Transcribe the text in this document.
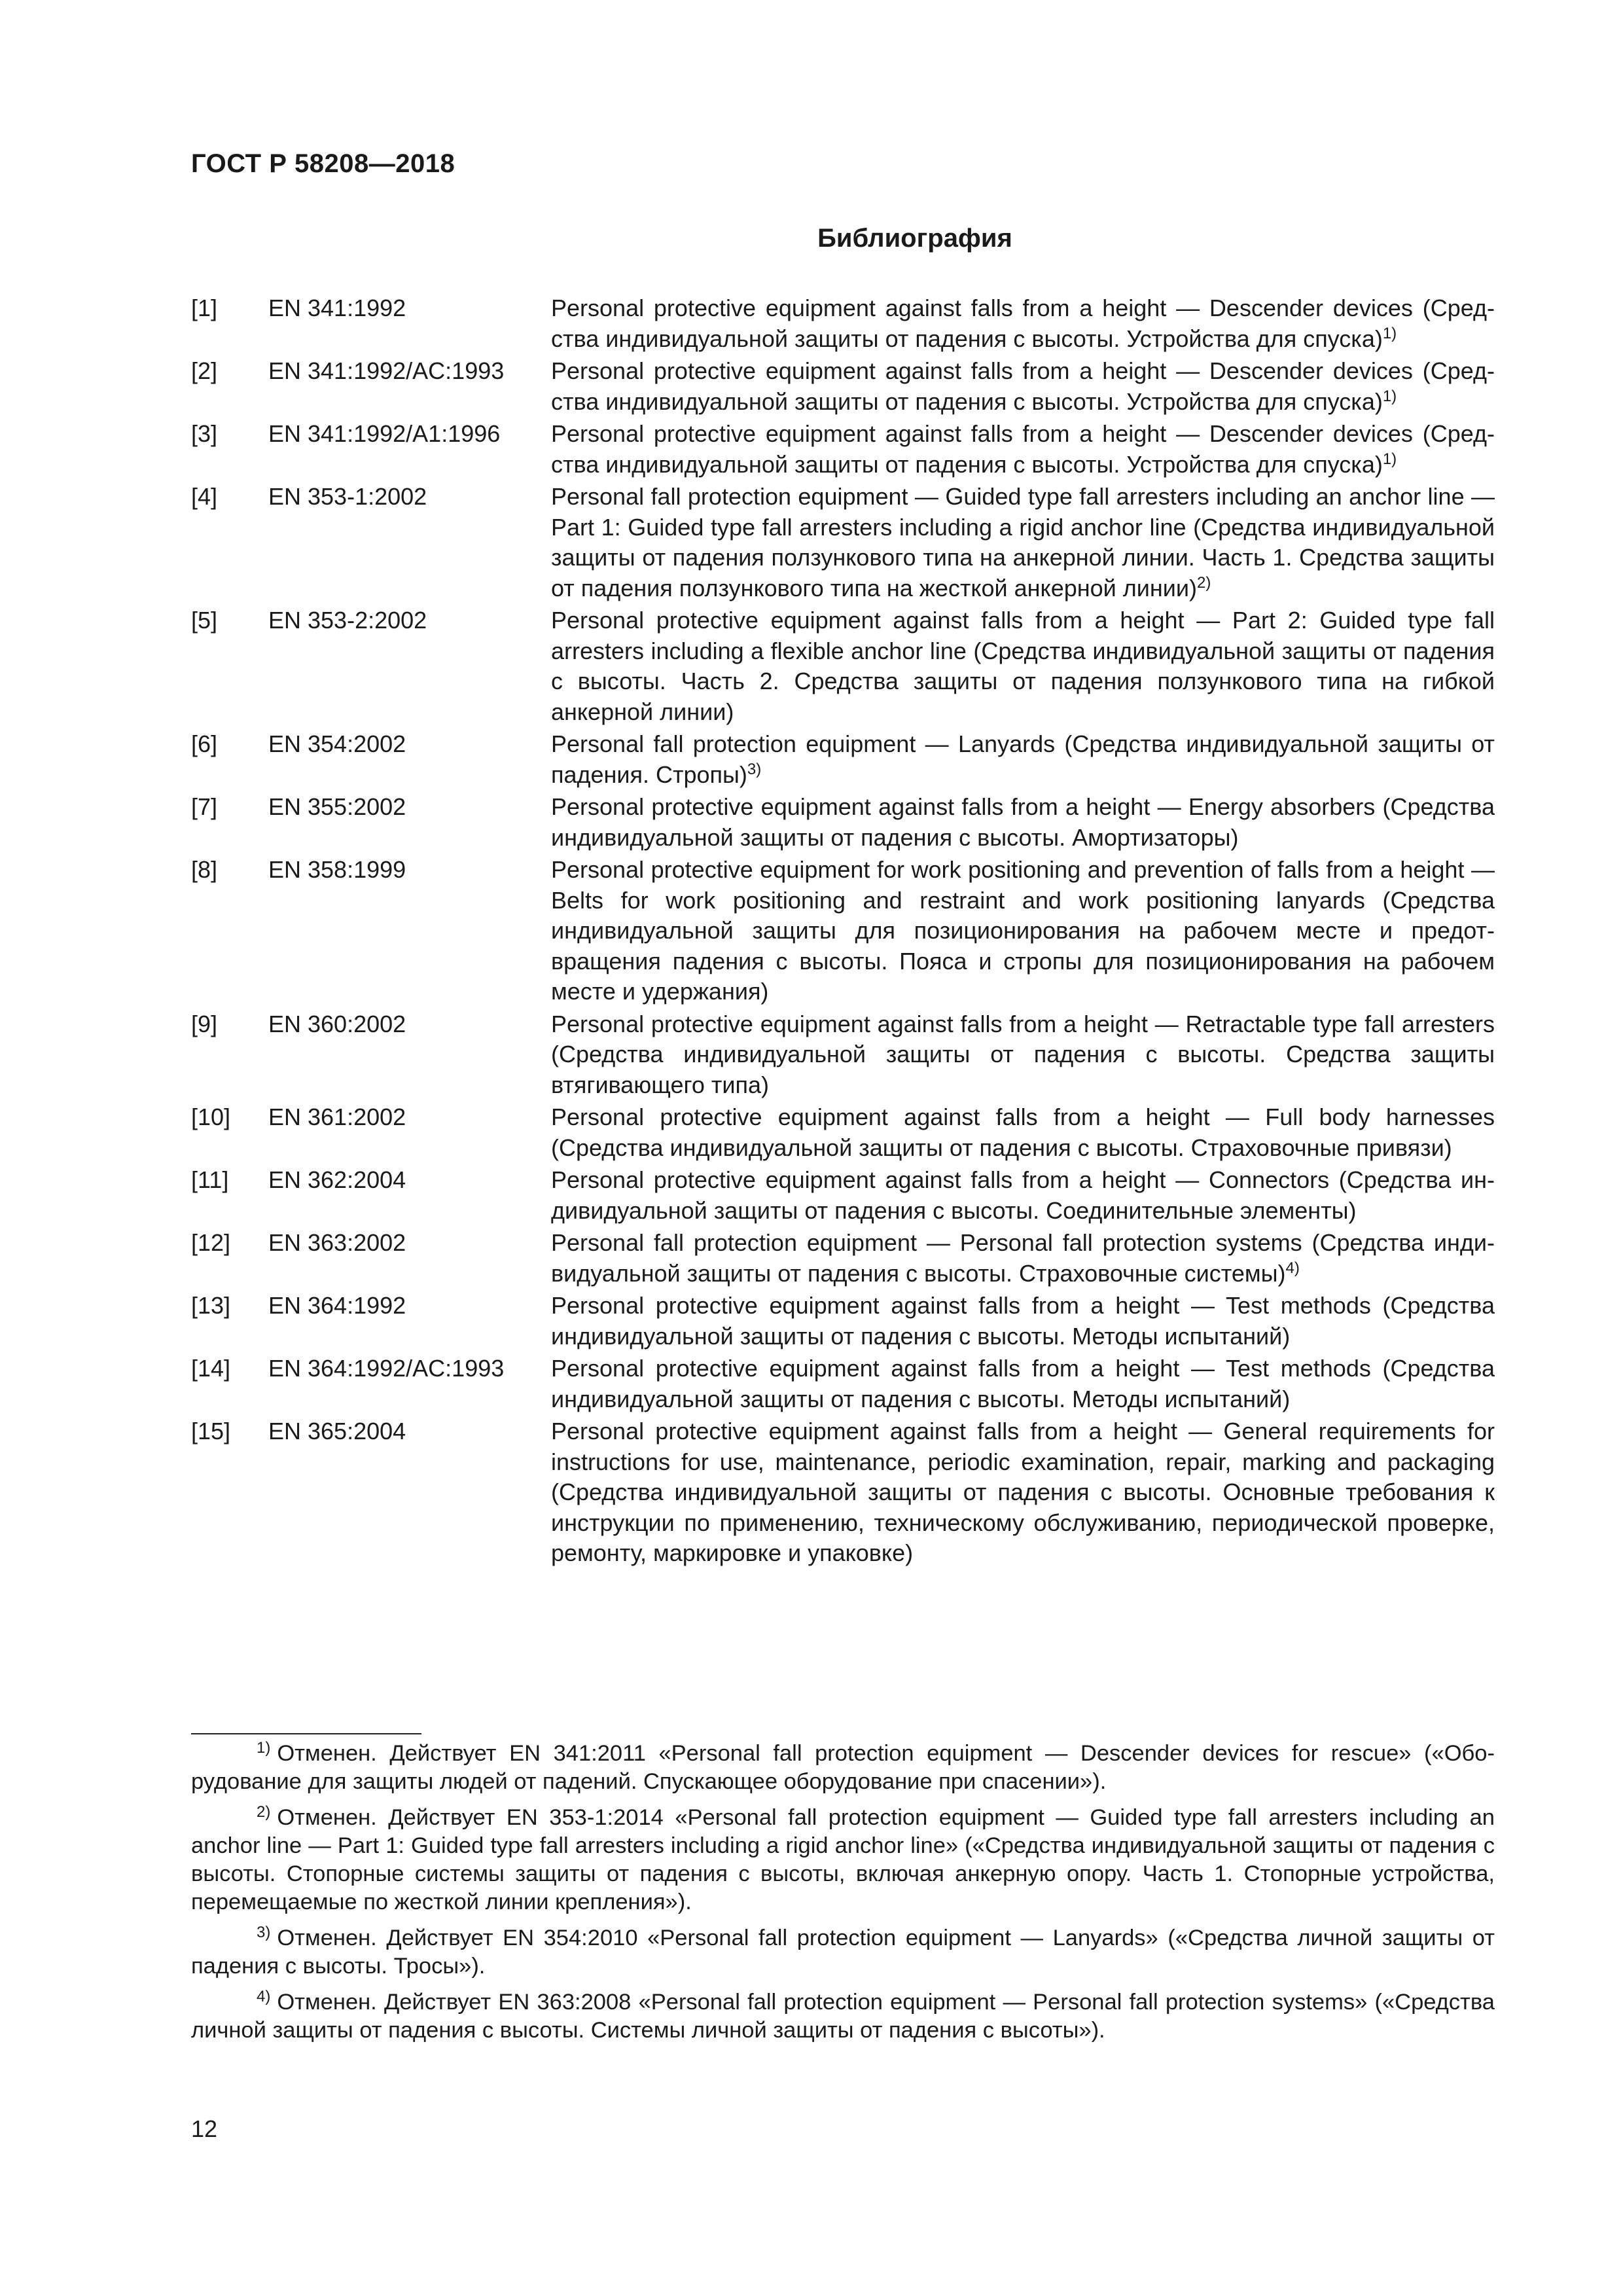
ГОСТ Р 58208—2018
Библиография
[1]	EN 341:1992	Personal protective equipment against falls from a height — Descender devices (Средства индивидуальной защиты от падения с высоты. Устройства для спуска)$^{1)}$
[2]	EN 341:1992/AC:1993	Personal protective equipment against falls from a height — Descender devices (Средства индивидуальной защиты от падения с высоты. Устройства для спуска)$^{1)}$
[3]	EN 341:1992/A1:1996	Personal protective equipment against falls from a height — Descender devices (Средства индивидуальной защиты от падения с высоты. Устройства для спуска)$^{1)}$
[4]	EN 353-1:2002	Personal fall protection equipment — Guided type fall arresters including an anchor line — Part 1: Guided type fall arresters including a rigid anchor line (Средства индивидуальной защиты от падения ползункового типа на анкерной линии. Часть 1. Средства защиты от падения ползункового типа на жесткой анкерной линии)$^{2)}$
[5]	EN 353-2:2002	Personal protective equipment against falls from a height — Part 2: Guided type fall arresters including a flexible anchor line (Средства индивидуальной защиты от падения с высоты. Часть 2. Средства защиты от падения ползункового типа на гибкой анкерной линии)
[6]	EN 354:2002	Personal fall protection equipment — Lanyards (Средства индивидуальной защиты от падения. Стропы)$^{3)}$
[7]	EN 355:2002	Personal protective equipment against falls from a height — Energy absorbers (Средства индивидуальной защиты от падения с высоты. Амортизаторы)
[8]	EN 358:1999	Personal protective equipment for work positioning and prevention of falls from a height — Belts for work positioning and restraint and work positioning lanyards (Средства индивидуальной защиты для позиционирования на рабочем месте и предотвращения падения с высоты. Пояса и стропы для позиционирования на рабочем месте и удержания)
[9]	EN 360:2002	Personal protective equipment against falls from a height — Retractable type fall arresters (Средства индивидуальной защиты от падения с высоты. Средства защиты втягивающего типа)
[10]	EN 361:2002	Personal protective equipment against falls from a height — Full body harnesses (Средства индивидуальной защиты от падения с высоты. Страховочные привязи)
[11]	EN 362:2004	Personal protective equipment against falls from a height — Connectors (Средства индивидуальной защиты от падения с высоты. Соединительные элементы)
[12]	EN 363:2002	Personal fall protection equipment — Personal fall protection systems (Средства индивидуальной защиты от падения с высоты. Страховочные системы)$^{4)}$
[13]	EN 364:1992	Personal protective equipment against falls from a height — Test methods (Средства индивидуальной защиты от падения с высоты. Методы испытаний)
[14]	EN 364:1992/AC:1993	Personal protective equipment against falls from a height — Test methods (Средства индивидуальной защиты от падения с высоты. Методы испытаний)
[15]	EN 365:2004	Personal protective equipment against falls from a height — General requirements for instructions for use, maintenance, periodic examination, repair, marking and packaging (Средства индивидуальной защиты от падения с высоты. Основные требования к инструкции по применению, техническому обслуживанию, периодической проверке, ремонту, маркировке и упаковке)

$^{1)}$ Отменен. Действует EN 341:2011 «Personal fall protection equipment — Descender devices for rescue» («Оборудование для защиты людей от падений. Спускающее оборудование при спасении»).

$^{2)}$ Отменен. Действует EN 353-1:2014 «Personal fall protection equipment — Guided type fall arresters including an anchor line — Part 1: Guided type fall arresters including a rigid anchor line» («Средства индивидуальной защиты от падения с высоты. Стопорные системы защиты от падения с высоты, включая анкерную опору. Часть 1. Стопорные устройства, перемещаемые по жесткой линии крепления»).

$^{3)}$ Отменен. Действует EN 354:2010 «Personal fall protection equipment — Lanyards» («Средства личной защиты от падения с высоты. Тросы»).

$^{4)}$ Отменен. Действует EN 363:2008 «Personal fall protection equipment — Personal fall protection systems» («Средства личной защиты от падения с высоты. Системы личной защиты от падения с высоты»).

12
